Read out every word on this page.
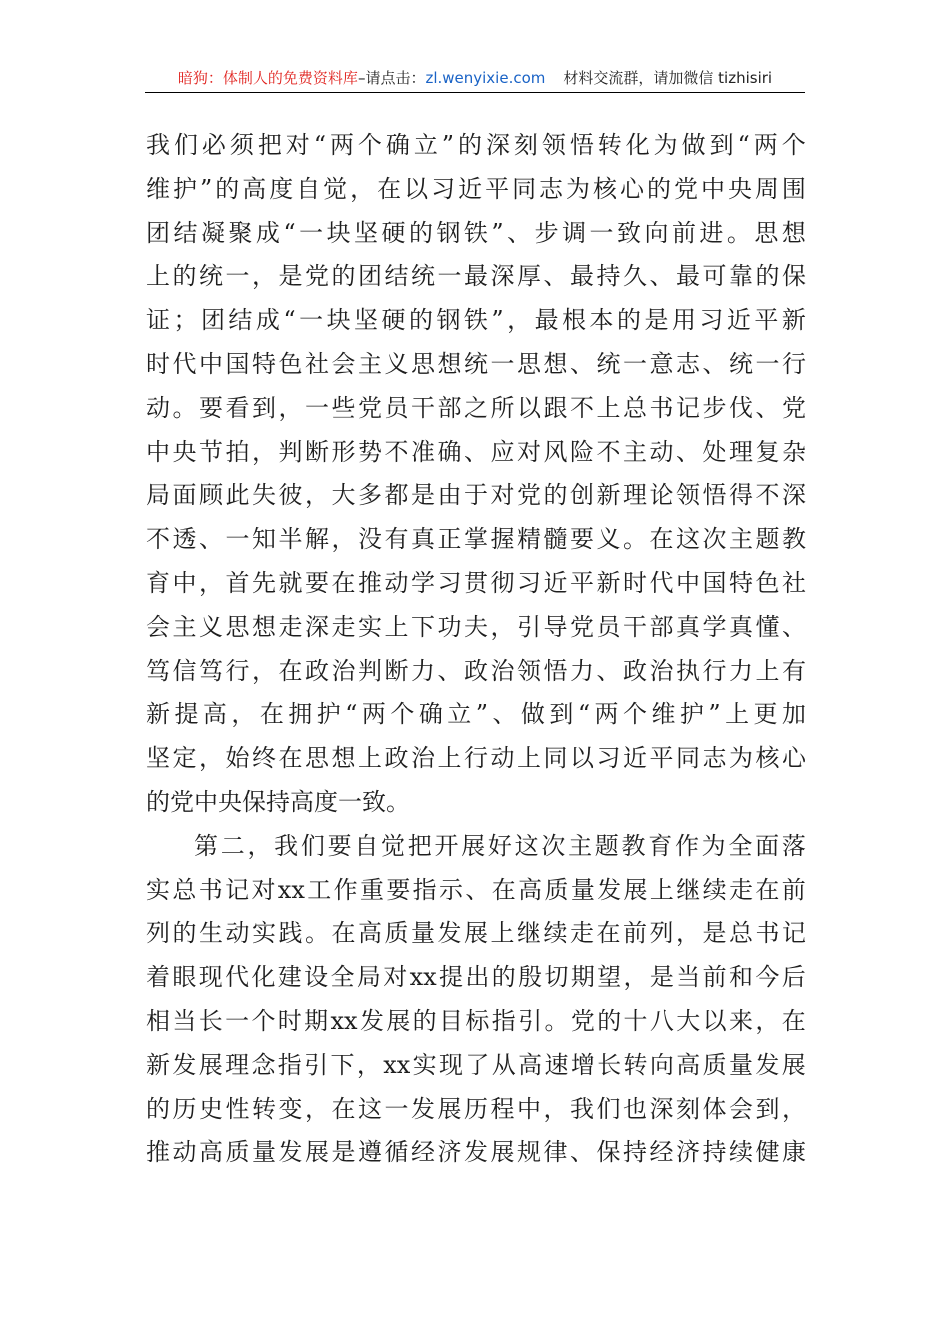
暗狗：体制人的免费资料库–请点击：zl.wenyixie.com 材料交流群，请加微信 tizhisiri
我 们 必 须 把 对 “ 两 个 确 立 ” 的 深 刻 领 悟 转 化 为 做 到 “ 两 个
维 护 ” 的 高 度 自 觉 ， 在 以 习 近 平 同 志 为 核 心 的 党 中 央 周 围
团 结 凝 聚 成 “ 一 块 坚 硬 的 钢 铁 ” 、 步 调 一 致 向 前 进 。 思 想
上 的 统 一 ， 是 党 的 团 结 统 一 最 深 厚 、 最 持 久 、 最 可 靠 的 保
证 ； 团 结 成 “ 一 块 坚 硬 的 钢 铁 ” ， 最 根 本 的 是 用 习 近 平 新
时 代 中 国 特 色 社 会 主 义 思 想 统 一 思 想 、 统 一 意 志 、 统 一 行
动 。 要 看 到 ， 一 些 党 员 干 部 之 所 以 跟 不 上 总 书 记 步 伐 、 党
中 央 节 拍 ， 判 断 形 势 不 准 确 、 应 对 风 险 不 主 动 、 处 理 复 杂
局 面 顾 此 失 彼 ， 大 多 都 是 由 于 对 党 的 创 新 理 论 领 悟 得 不 深
不 透 、 一 知 半 解 ， 没 有 真 正 掌 握 精 髓 要 义 。 在 这 次 主 题 教
育 中 ， 首 先 就 要 在 推 动 学 习 贯 彻 习 近 平 新 时 代 中 国 特 色 社
会 主 义 思 想 走 深 走 实 上 下 功 夫 ， 引 导 党 员 干 部 真 学 真 懂 、
笃 信 笃 行 ， 在 政 治 判 断 力 、 政 治 领 悟 力 、 政 治 执 行 力 上 有
新 提 高 ， 在 拥 护 “ 两 个 确 立 ” 、 做 到 “ 两 个 维 护 ” 上 更 加
坚 定 ， 始 终 在 思 想 上 政 治 上 行 动 上 同 以 习 近 平 同 志 为 核 心
的 党 中 央 保 持 高 度 一 致 。
第 二 ， 我 们 要 自 觉 把 开 展 好 这 次 主 题 教 育 作 为 全 面 落
实 总 书 记 对 xx 工 作 重 要 指 示 、 在 高 质 量 发 展 上 继 续 走 在 前
列 的 生 动 实 践 。 在 高 质 量 发 展 上 继 续 走 在 前 列 ， 是 总 书 记
着 眼 现 代 化 建 设 全 局 对 xx 提 出 的 殷 切 期 望 ， 是 当 前 和 今 后
相 当 长 一 个 时 期 xx 发 展 的 目 标 指 引 。 党 的 十 八 大 以 来 ， 在
新 发 展 理 念 指 引 下 ， xx 实 现 了 从 高 速 增 长 转 向 高 质 量 发 展
的 历 史 性 转 变 ， 在 这 一 发 展 历 程 中 ， 我 们 也 深 刻 体 会 到 ，
推 动 高 质 量 发 展 是 遵 循 经 济 发 展 规 律 、 保 持 经 济 持 续 健 康
